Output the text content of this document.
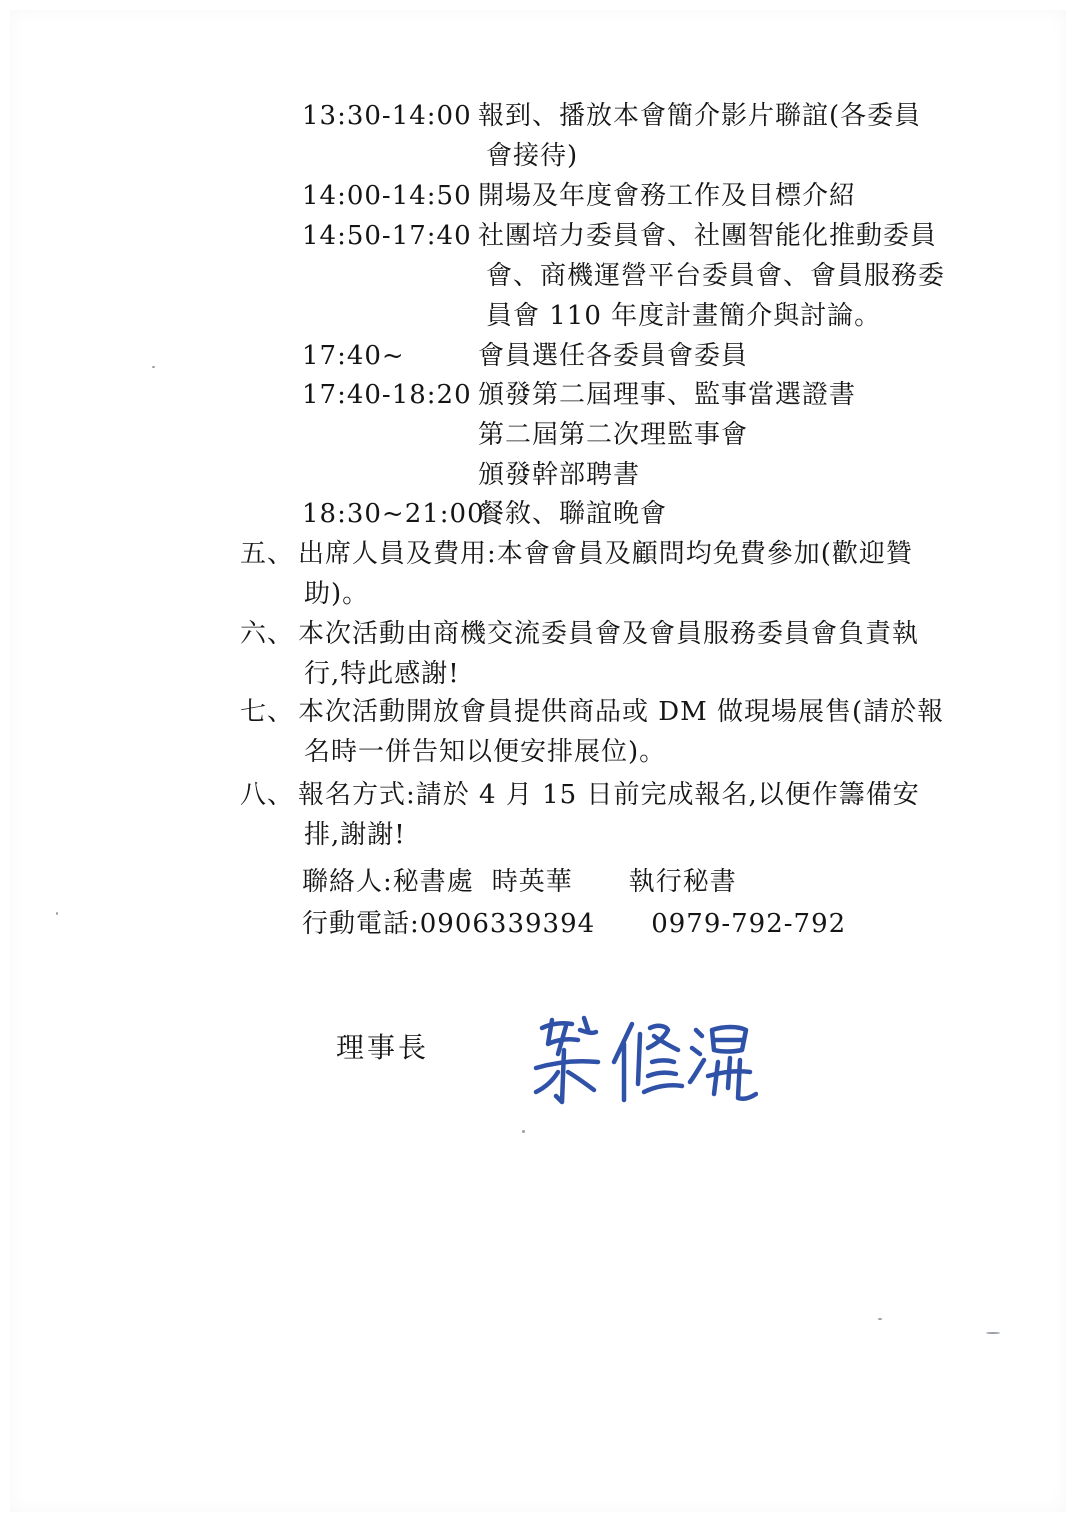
13:30-14:00 報到、播放本會簡介影片聯誼(各委員
會接待)
14:00-14:50 開場及年度會務工作及目標介紹
14:50-17:40 社團培力委員會、社團智能化推動委員
會、商機運營平台委員會、會員服務委
員會 110 年度計畫簡介與討論。
17:40~	會員選任各委員會委員
17:40-18:20 頒發第二屆理事、監事當選證書
第二屆第二次理監事會
頒發幹部聘書
18:30~21:00
餐敘、聯誼晚會
五、 出席人員及費用:本會會員及顧問均免費參加(歡迎贊
助)。
六、 本次活動由商機交流委員會及會員服務委員會負責執
行,特此感謝!
七、 本次活動開放會員提供商品或 DM 做現場展售(請於報
名時一併告知以便安排展位)。
八、 報名方式:請於 4 月 15 日前完成報名,以便作籌備安
排,謝謝!
聯絡人:秘書處 時英華 執行秘書
行動電話:0906339394 0979-792-792
理事長
